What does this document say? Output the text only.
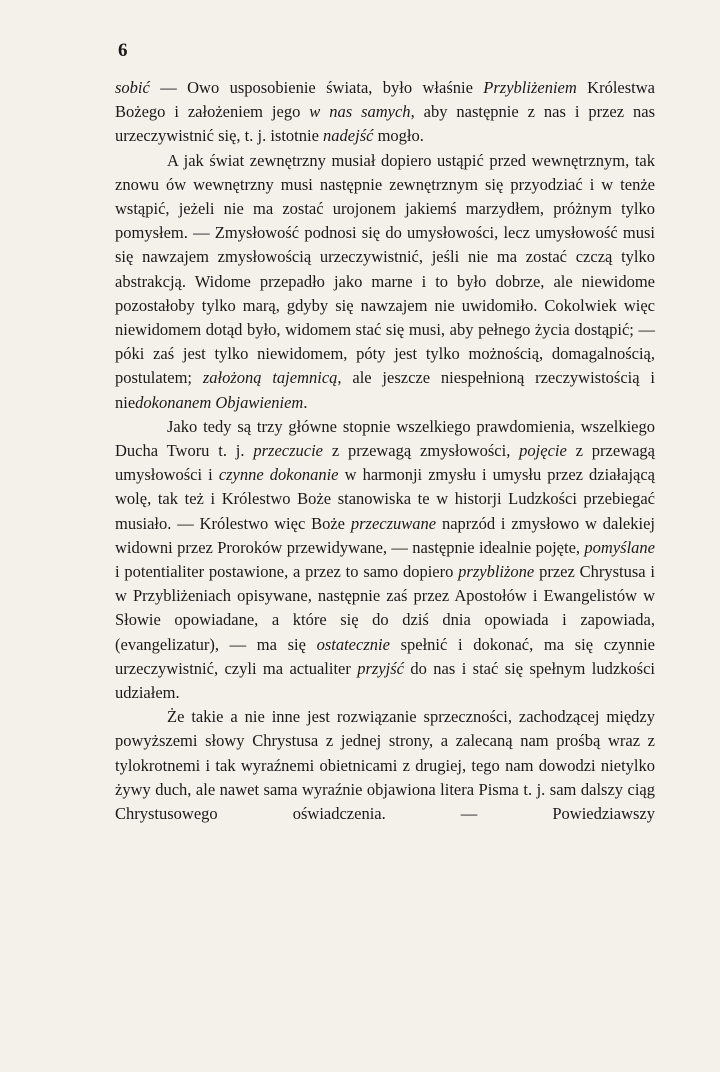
6

sobić — Owo usposobienie świata, było właśnie Przybliżeniem Królestwa Bożego i założeniem jego w nas samych, aby następnie z nas i przez nas urzeczywistnić się, t. j. istotnie nadejść mogło.

A jak świat zewnętrzny musiał dopiero ustąpić przed wewnętrznym, tak znowu ów wewnętrzny musi następnie zewnętrznym się przyodziać i w tenże wstąpić, jeżeli nie ma zostać urojonem jakiemś marzydłem, próżnym tylko pomysłem. — Zmysłowość podnosi się do umysłowości, lecz umysłowość musi się nawzajem zmysłowością urzeczywistnić, jeśli nie ma zostać czczą tylko abstrakcją. Widome przepadło jako marne i to było dobrze, ale niewidome pozostałoby tylko marą, gdyby się nawzajem nie uwidomiło. Cokolwiek więc niewidomem dotąd było, widomem stać się musi, aby pełnego życia dostąpić; — póki zaś jest tylko niewidomem, póty jest tylko możnością, domagalnością, postulatem; założoną tajemnicą, ale jeszcze niespełnioną rzeczywistością i niedokonanem Objawieniem.

Jako tedy są trzy główne stopnie wszelkiego prawdomienia, wszelkiego Ducha Tworu t. j. przeczucie z przewagą zmysłowości, pojęcie z przewagą umysłowości i czynne dokonanie w harmonji zmysłu i umysłu przez działającą wolę, tak też i Królestwo Boże stanowiska te w historji Ludzkości przebiegać musiało. — Królestwo więc Boże przeczuwane naprzód i zmysłowo w dalekiej widowni przez Proroków przewidywane, — następnie idealnie pojęte, pomyślane i potentialiter postawione, a przez to samo dopiero przybliżone przez Chrystusa i w Przybliżeniach opisywane, następnie zaś przez Apostołów i Ewangelistów w Słowie opowiadane, a które się do dziś dnia opowiada i zapowiada, (evangelizatur), — ma się ostatecznie spełnić i dokonać, ma się czynnie urzeczywistnić, czyli ma actualiter przyjść do nas i stać się spełnym ludzkości udziałem.

Że takie a nie inne jest rozwiązanie sprzeczności, zachodzącej między powyższemi słowy Chrystusa z jednej strony, a zalecaną nam prośbą wraz z tylokrotnemi i tak wyraźnemi obietnicami z drugiej, tego nam dowodzi nietylko żywy duch, ale nawet sama wyraźnie objawiona litera Pisma t. j. sam dalszy ciąg Chrystusowego oświadczenia. — Powiedziawszy
